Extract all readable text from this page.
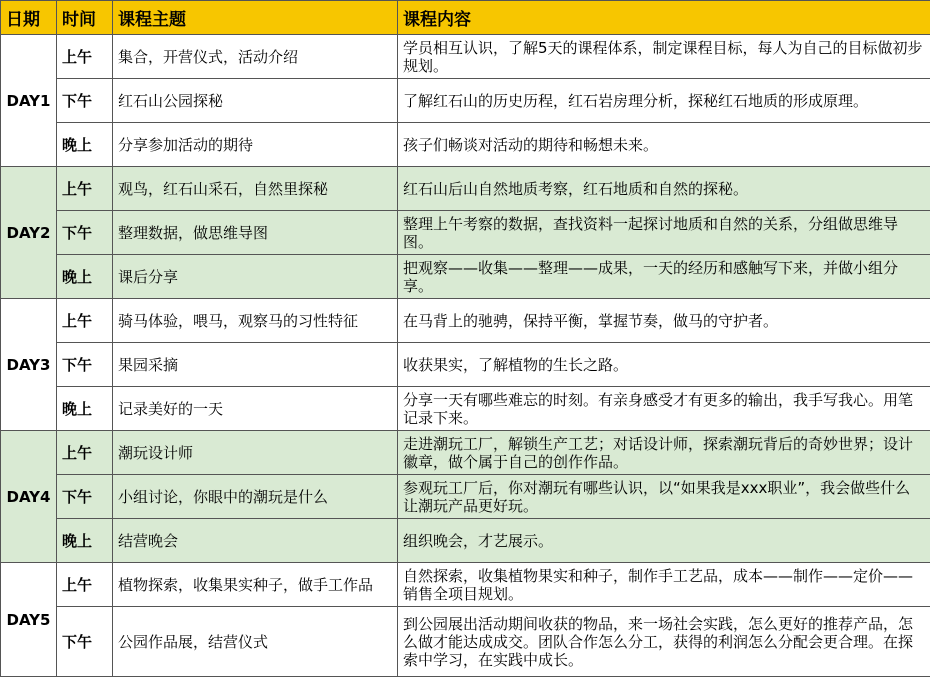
日期	时间	课程主题	课程内容
DAY1	上午	集合，开营仪式，活动介绍	学员相互认识，了解5天的课程体系，制定课程目标，每人为自己的目标做初步规划。
	下午	红石山公园探秘	了解红石山的历史历程，红石岩房理分析，探秘红石地质的形成原理。
	晚上	分享参加活动的期待	孩子们畅谈对活动的期待和畅想未来。
DAY2	上午	观鸟，红石山采石，自然里探秘	红石山后山自然地质考察，红石地质和自然的探秘。
	下午	整理数据，做思维导图	整理上午考察的数据，查找资料一起探讨地质和自然的关系，分组做思维导图。
	晚上	课后分享	把观察——收集——整理——成果，一天的经历和感触写下来，并做小组分享。
DAY3	上午	骑马体验，喂马，观察马的习性特征	在马背上的驰骋，保持平衡，掌握节奏，做马的守护者。
	下午	果园采摘	收获果实，了解植物的生长之路。
	晚上	记录美好的一天	分享一天有哪些难忘的时刻。有亲身感受才有更多的输出，我手写我心。用笔记录下来。
DAY4	上午	潮玩设计师	走进潮玩工厂，解锁生产工艺；对话设计师，探索潮玩背后的奇妙世界；设计徽章，做个属于自己的创作作品。
	下午	小组讨论，你眼中的潮玩是什么	参观玩工厂后，你对潮玩有哪些认识，以“如果我是xxx职业”，我会做些什么让潮玩产品更好玩。
	晚上	结营晚会	组织晚会，才艺展示。
DAY5	上午	植物探索，收集果实种子，做手工作品	自然探索，收集植物果实和种子，制作手工艺品，成本——制作——定价——销售全项目规划。
	下午	公园作品展，结营仪式	到公园展出活动期间收获的物品，来一场社会实践，怎么更好的推荐产品，怎么做才能达成成交。团队合作怎么分工，获得的利润怎么分配会更合理。在探索中学习，在实践中成长。
